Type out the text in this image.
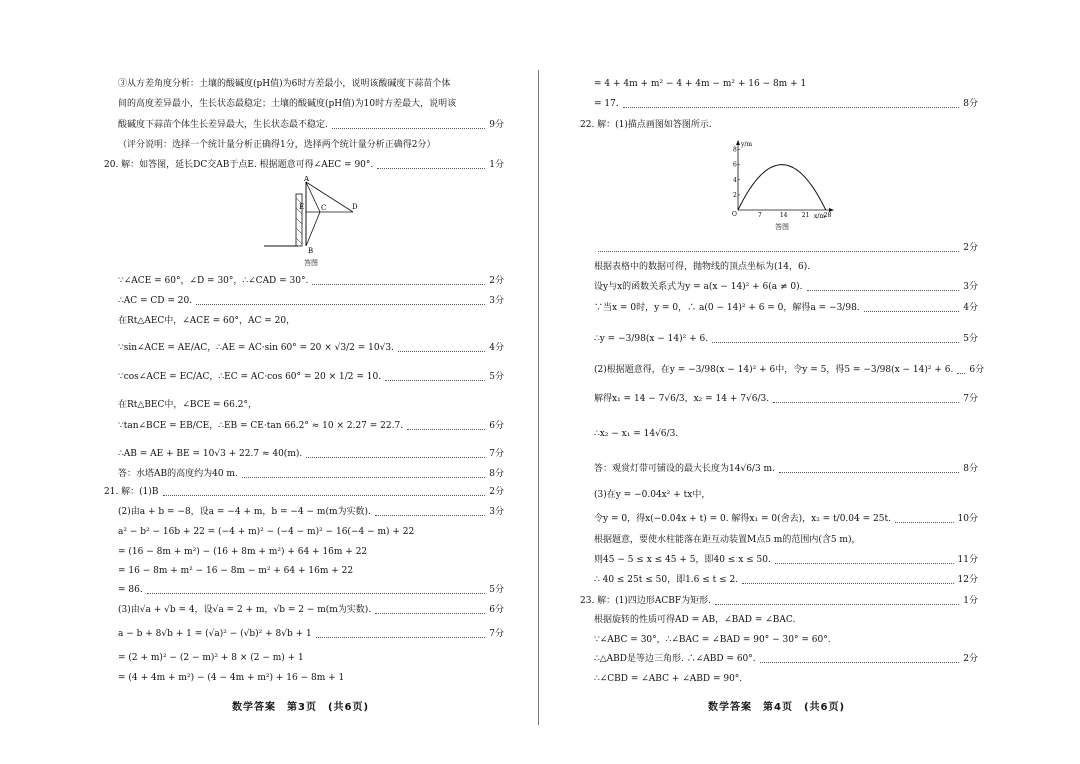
③从方差角度分析：土壤的酸碱度(pH值)为6时方差最小，说明该酸碱度下蒜苗个体
间的高度差异最小，生长状态最稳定；土壤的酸碱度(pH值)为10时方差最大，说明该
酸碱度下蒜苗个体生长差异最大，生长状态最不稳定.	9分
（评分说明：选择一个统计量分析正确得1分，选择两个统计量分析正确得2分）
20. 解：如答图，延长DC交AB于点E. 根据题意可得∠AEC = 90°.	1分
∵∠ACE = 60°，∠D = 30°，∴∠CAD = 30°.	2分
∴AC = CD = 20.	3分
在Rt△AEC中，∠ACE = 60°，AC = 20，
∵sin∠ACE = AE/AC，∴AE = AC·sin 60° = 20 × √3/2 = 10√3.	4分
∵cos∠ACE = EC/AC，∴EC = AC·cos 60° = 20 × 1/2 = 10.	5分
在Rt△BEC中，∠BCE = 66.2°，
∵tan∠BCE = EB/CE，∴EB = CE·tan 66.2° ≈ 10 × 2.27 = 22.7.	6分
∴AB = AE + BE = 10√3 + 22.7 ≈ 40(m).	7分
答：水塔AB的高度约为40 m.	8分
21. 解：(1)B	2分
(2)由a + b = −8，设a = −4 + m，b = −4 − m(m为实数).	3分
a² − b² − 16b + 22 = (−4 + m)² − (−4 − m)² − 16(−4 − m) + 22
= (16 − 8m + m²) − (16 + 8m + m²) + 64 + 16m + 22
= 16 − 8m + m² − 16 − 8m − m² + 64 + 16m + 22
= 86.	5分
(3)由√a + √b = 4，设√a = 2 + m，√b = 2 − m(m为实数).	6分
a − b + 8√b + 1 = (√a)² − (√b)² + 8√b + 1	7分
= (2 + m)² − (2 − m)² + 8 × (2 − m) + 1
= (4 + 4m + m²) − (4 − 4m + m²) + 16 − 8m + 1
A
E C	D
B
答图
数学答案　第3页　(共6页)
= 4 + 4m + m² − 4 + 4m − m² + 16 − 8m + 1
= 17.	8分
22. 解：(1)描点画图如答图所示.
2分
根据表格中的数据可得，抛物线的顶点坐标为(14，6).
设y与x的函数关系式为y = a(x − 14)² + 6(a ≠ 0).	3分
∵当x = 0时，y = 0，∴ a(0 − 14)² + 6 = 0，解得a = −3/98.	4分
∴y = −3/98(x − 14)² + 6.	5分
(2)根据题意得，在y = −3/98(x − 14)² + 6中，令y = 5，得5 = −3/98(x − 14)² + 6. 6分
解得x₁ = 14 − 7√6/3，x₂ = 14 + 7√6/3.	7分
∴x₂ − x₁ = 14√6/3.
答：观赏灯带可铺设的最大长度为14√6/3 m.	8分
(3)在y = −0.04x² + tx中，
令y = 0，得x(−0.04x + t) = 0. 解得x₁ = 0(舍去)，x₂ = t/0.04 = 25t.	10分
根据题意，要使水柱能落在距互动装置M点5 m的范围内(含5 m)，
则45 − 5 ≤ x ≤ 45 + 5，即40 ≤ x ≤ 50.	11分
∴ 40 ≤ 25t ≤ 50，即1.6 ≤ t ≤ 2.	12分
23. 解：(1)四边形ACBF为矩形.	1分
根据旋转的性质可得AD = AB，∠BAD = ∠BAC.
∵∠ABC = 30°，∴∠BAC = ∠BAD = 90° − 30° = 60°.
∴△ABD是等边三角形. ∴∠ABD = 60°.	2分
∴∠CBD = ∠ABC + ∠ABD = 90°.
7	14 21 28
2
4
6
8
y/m
x/m
O
答图
数学答案　第4页　(共6页)
